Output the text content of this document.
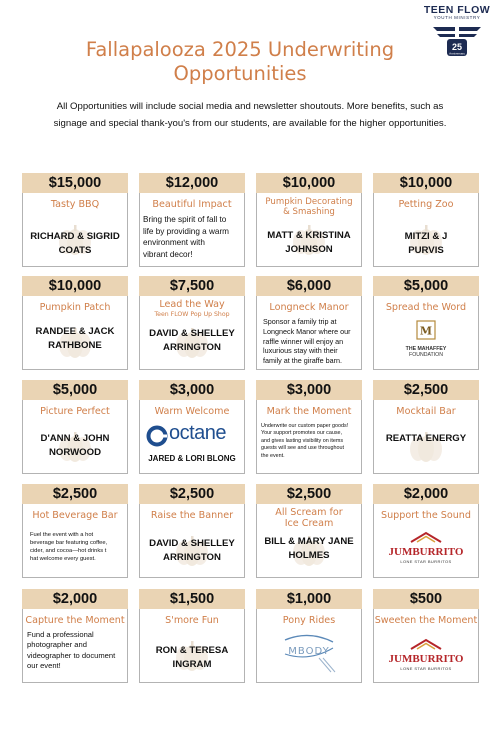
Fallapalooza 2025 Underwriting
Opportunities
TEEN FLOW
YOUTH MINISTRY
25
Anniversary
All Opportunities will include social media and newsletter shoutouts. More benefits, such as
signage and special thank-you's from our students, are available for the higher opportunities.
$15,000
Tasty BBQ
RICHARD & SIGRID
COATS
$12,000
Beautiful Impact
Bring the spirit of fall to
life by providing a warm
environment with
vibrant decor!
$10,000
Pumpkin Decorating
& Smashing
MATT & KRISTINA
JOHNSON
$10,000
Petting Zoo
MITZI & J
PURVIS
$10,000
Pumpkin Patch
RANDEE & JACK
RATHBONE
$7,500
Lead the Way
Teen FLOW Pop Up Shop
DAVID & SHELLEY
ARRINGTON
$6,000
Longneck Manor
Sponsor a family trip at
Longneck Manor where our
raffle winner will enjoy an
luxurious stay with their
family at the giraffe barn.
$5,000
Spread the Word
M
THE MAHAFFEY
FOUNDATION
$5,000
Picture Perfect
D'ANN & JOHN
NORWOOD
$3,000
Warm Welcome
octane
JARED & LORI BLONG
$3,000
Mark the Moment
Underwrite our custom paper goods!
Your support promotes our cause,
and gives lasting visibility on items
guests will see and use throughout
the event.
$2,500
Mocktail Bar
REATTA ENERGY
$2,500
Hot Beverage Bar
Fuel the event with a hot
beverage bar featuring coffee,
cider, and cocoa—hot drinks t
hat welcome every guest.
$2,500
Raise the Banner
DAVID & SHELLEY
ARRINGTON
$2,500
All Scream for
Ice Cream
BILL & MARY JANE
HOLMES
$2,000
Support the Sound
JUMBURRITO
LONE STAR BURRITOS
$2,000
Capture the Moment
Fund a professional
photographer and
videographer to document
our event!
$1,500
S'more Fun
RON & TERESA
INGRAM
$1,000
Pony Rides
MBODY
$500
Sweeten the Moment
JUMBURRITO
LONE STAR BURRITOS
